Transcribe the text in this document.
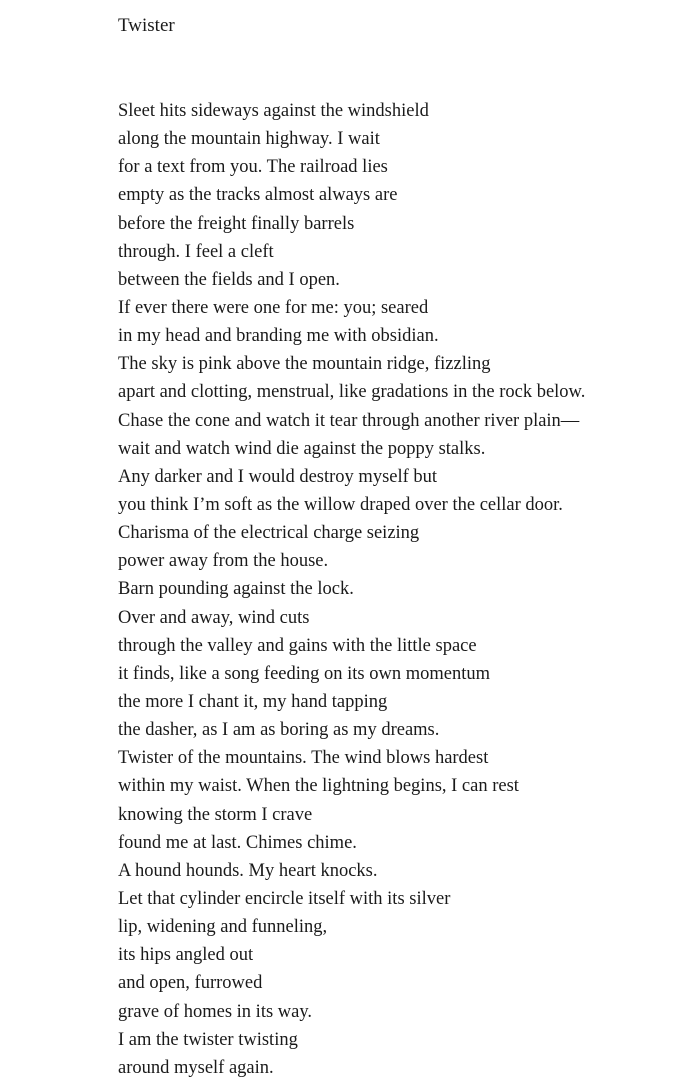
Twister
Sleet hits sideways against the windshield
along the mountain highway. I wait
for a text from you. The railroad lies
empty as the tracks almost always are
before the freight finally barrels
through. I feel a cleft
between the fields and I open.
If ever there were one for me: you; seared
in my head and branding me with obsidian.
The sky is pink above the mountain ridge, fizzling
apart and clotting, menstrual, like gradations in the rock below.
Chase the cone and watch it tear through another river plain—
wait and watch wind die against the poppy stalks.
Any darker and I would destroy myself but
you think I’m soft as the willow draped over the cellar door.
Charisma of the electrical charge seizing
power away from the house.
Barn pounding against the lock.
Over and away, wind cuts
through the valley and gains with the little space
it finds, like a song feeding on its own momentum
the more I chant it, my hand tapping
the dasher, as I am as boring as my dreams.
Twister of the mountains. The wind blows hardest
within my waist. When the lightning begins, I can rest
knowing the storm I crave
found me at last. Chimes chime.
A hound hounds. My heart knocks.
Let that cylinder encircle itself with its silver
lip, widening and funneling,
its hips angled out
and open, furrowed
grave of homes in its way.
I am the twister twisting
around myself again.
